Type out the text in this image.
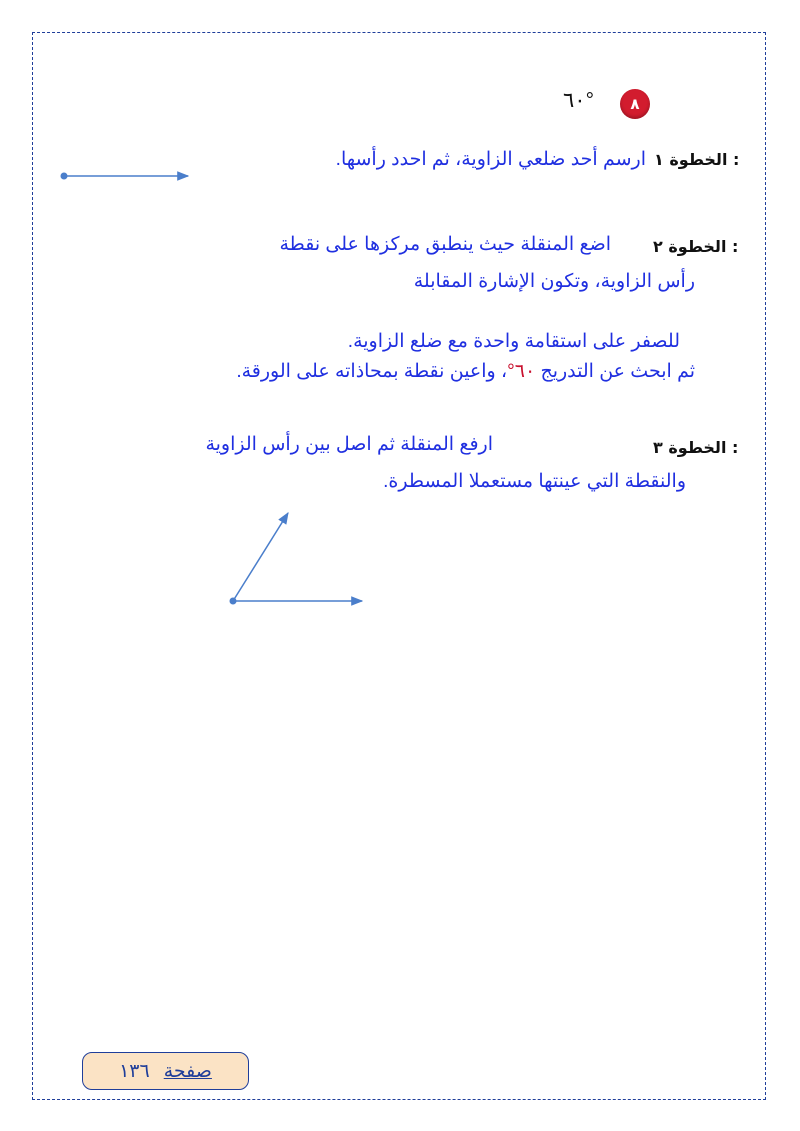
٨
°٦٠
الخطوة ١ :
ارسم أحد ضلعي الزاوية، ثم احدد رأسها.
الخطوة ٢ :
اضع المنقلة حيث ينطبق مركزها على نقطة
رأس الزاوية، وتكون الإشارة المقابلة
للصفر على استقامة واحدة مع ضلع الزاوية.
ثم ابحث عن التدريج ٦٠°، واعين نقطة بمحاذاته على الورقة.
الخطوة ٣ :
ارفع المنقلة ثم اصل بين رأس الزاوية
والنقطة التي عينتها مستعملا المسطرة.
صفحة
١٣٦
